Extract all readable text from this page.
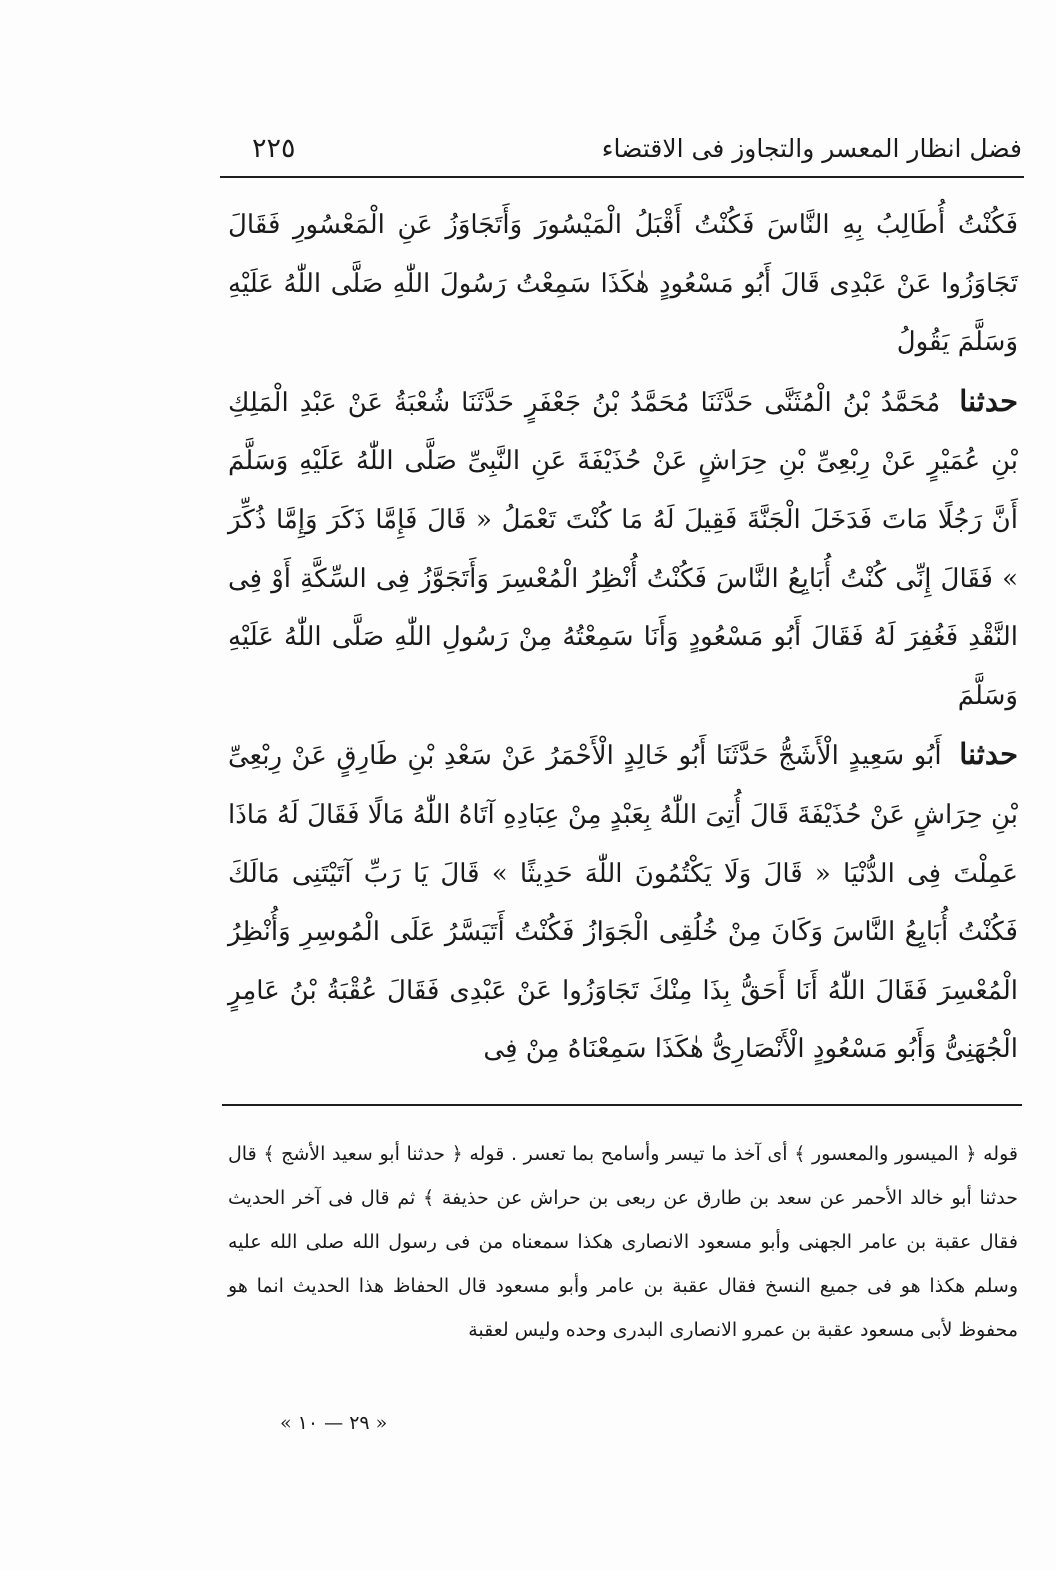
فضل انظار المعسر والتجاوز فى الاقتضاء
٢٢٥

فَكُنْتُ أُطَالِبُ بِهِ النَّاسَ فَكُنْتُ أَقْبَلُ الْمَيْسُورَ وَأَتَجَاوَزُ عَنِ الْمَعْسُورِ فَقَالَ تَجَاوَزُوا عَنْ عَبْدِى قَالَ أَبُو مَسْعُودٍ هٰكَذَا سَمِعْتُ رَسُولَ اللّٰهِ صَلَّى اللّٰهُ عَلَيْهِ وَسَلَّمَ يَقُولُ

حدثنا مُحَمَّدُ بْنُ الْمُثَنَّى حَدَّثَنَا مُحَمَّدُ بْنُ جَعْفَرٍ حَدَّثَنَا شُعْبَةُ عَنْ عَبْدِ الْمَلِكِ بْنِ عُمَيْرٍ عَنْ رِبْعِىِّ بْنِ حِرَاشٍ عَنْ حُذَيْفَةَ عَنِ النَّبِىِّ صَلَّى اللّٰهُ عَلَيْهِ وَسَلَّمَ أَنَّ رَجُلًا مَاتَ فَدَخَلَ الْجَنَّةَ فَقِيلَ لَهُ مَا كُنْتَ تَعْمَلُ « قَالَ فَإِمَّا ذَكَرَ وَإِمَّا ذُكِّرَ » فَقَالَ إِنِّى كُنْتُ أُبَايِعُ النَّاسَ فَكُنْتُ أُنْظِرُ الْمُعْسِرَ وَأَتَجَوَّزُ فِى السِّكَّةِ أَوْ فِى النَّقْدِ فَغُفِرَ لَهُ فَقَالَ أَبُو مَسْعُودٍ وَأَنَا سَمِعْتُهُ مِنْ رَسُولِ اللّٰهِ صَلَّى اللّٰهُ عَلَيْهِ وَسَلَّمَ

حدثنا أَبُو سَعِيدٍ الْأَشَجُّ حَدَّثَنَا أَبُو خَالِدٍ الْأَحْمَرُ عَنْ سَعْدِ بْنِ طَارِقٍ عَنْ رِبْعِىِّ بْنِ حِرَاشٍ عَنْ حُذَيْفَةَ قَالَ أُتِىَ اللّٰهُ بِعَبْدٍ مِنْ عِبَادِهِ آتَاهُ اللّٰهُ مَالًا فَقَالَ لَهُ مَاذَا عَمِلْتَ فِى الدُّنْيَا « قَالَ وَلَا يَكْتُمُونَ اللّٰهَ حَدِيثًا » قَالَ يَا رَبِّ آتَيْتَنِى مَالَكَ فَكُنْتُ أُبَايِعُ النَّاسَ وَكَانَ مِنْ خُلُقِى الْجَوَازُ فَكُنْتُ أَتَيَسَّرُ عَلَى الْمُوسِرِ وَأُنْظِرُ الْمُعْسِرَ فَقَالَ اللّٰهُ أَنَا أَحَقُّ بِذَا مِنْكَ تَجَاوَزُوا عَنْ عَبْدِى فَقَالَ عُقْبَةُ بْنُ عَامِرٍ الْجُهَنِىُّ وَأَبُو مَسْعُودٍ الْأَنْصَارِىُّ هٰكَذَا سَمِعْنَاهُ مِنْ فِى

قوله ﴿ الميسور والمعسور ﴾ أى آخذ ما تيسر وأسامح بما تعسر . قوله ﴿ حدثنا أبو سعيد الأشج ﴾ قال حدثنا أبو خالد الأحمر عن سعد بن طارق عن ربعى بن حراش عن حذيفة ﴾ ثم قال فى آخر الحديث فقال عقبة بن عامر الجهنى وأبو مسعود الانصارى هكذا سمعناه من فى رسول الله صلى الله عليه وسلم هكذا هو فى جميع النسخ فقال عقبة بن عامر وأبو مسعود قال الحفاظ هذا الحديث انما هو محفوظ لأبى مسعود عقبة بن عمرو الانصارى البدرى وحده وليس لعقبة

« ٢٩ — ١٠ »
